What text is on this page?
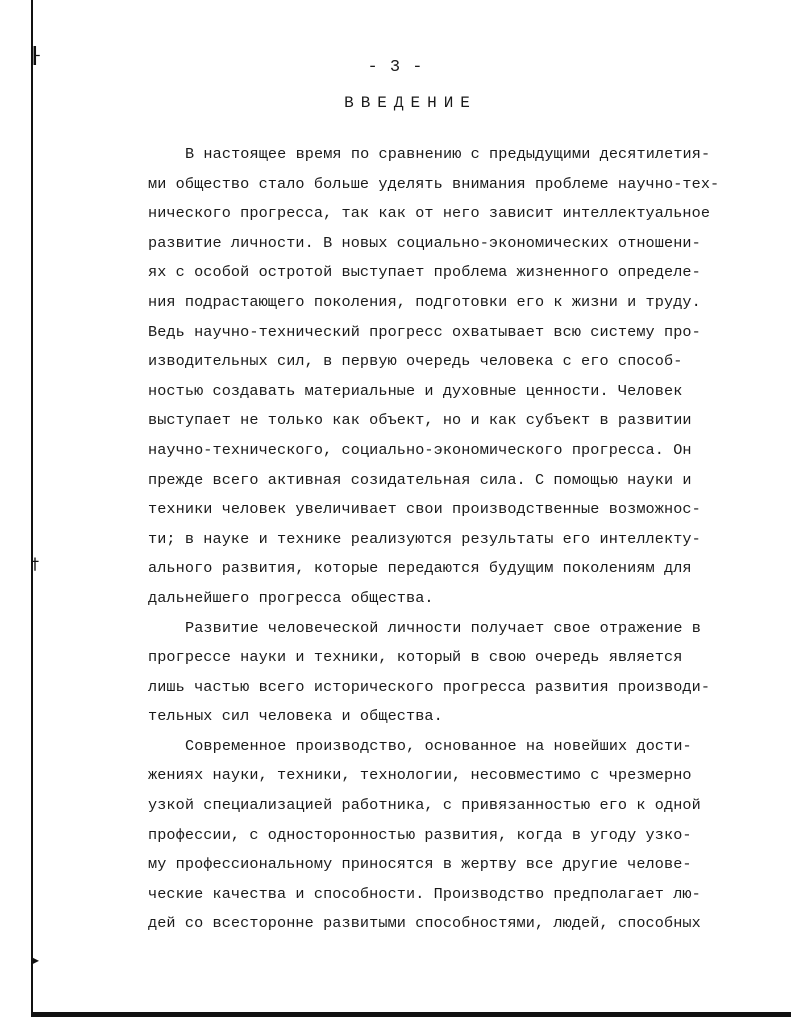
┠
†
▸
- 3 -
ВВЕДЕНИЕ
В настоящее время по сравнению с предыдущими десятилетия-
ми общество стало больше уделять внимания проблеме научно-тех-
нического прогресса, так как от него зависит интеллектуальное
развитие личности. В новых социально-экономических отношени-
ях с особой остротой выступает проблема жизненного определе-
ния подрастающего поколения, подготовки его к жизни и труду.
Ведь научно-технический прогресс охватывает всю систему про-
изводительных сил, в первую очередь человека с его способ-
ностью создавать материальные и духовные ценности. Человек
выступает не только как объект, но и как субъект в развитии
научно-технического, социально-экономического прогресса. Он
прежде всего активная созидательная сила. С помощью науки и
техники человек увеличивает свои производственные возможнос-
ти; в науке и технике реализуются результаты его интеллекту-
ального развития, которые передаются будущим поколениям для
дальнейшего прогресса общества.
Развитие человеческой личности получает свое отражение в
прогрессе науки и техники, который в свою очередь является
лишь частью всего исторического прогресса развития производи-
тельных сил человека и общества.
Современное производство, основанное на новейших дости-
жениях науки, техники, технологии, несовместимо с чрезмерно
узкой специализацией работника, с привязанностью его к одной
профессии, с односторонностью развития, когда в угоду узко-
му профессиональному приносятся в жертву все другие челове-
ческие качества и способности. Производство предполагает лю-
дей со всесторонне развитыми способностями, людей, способных
